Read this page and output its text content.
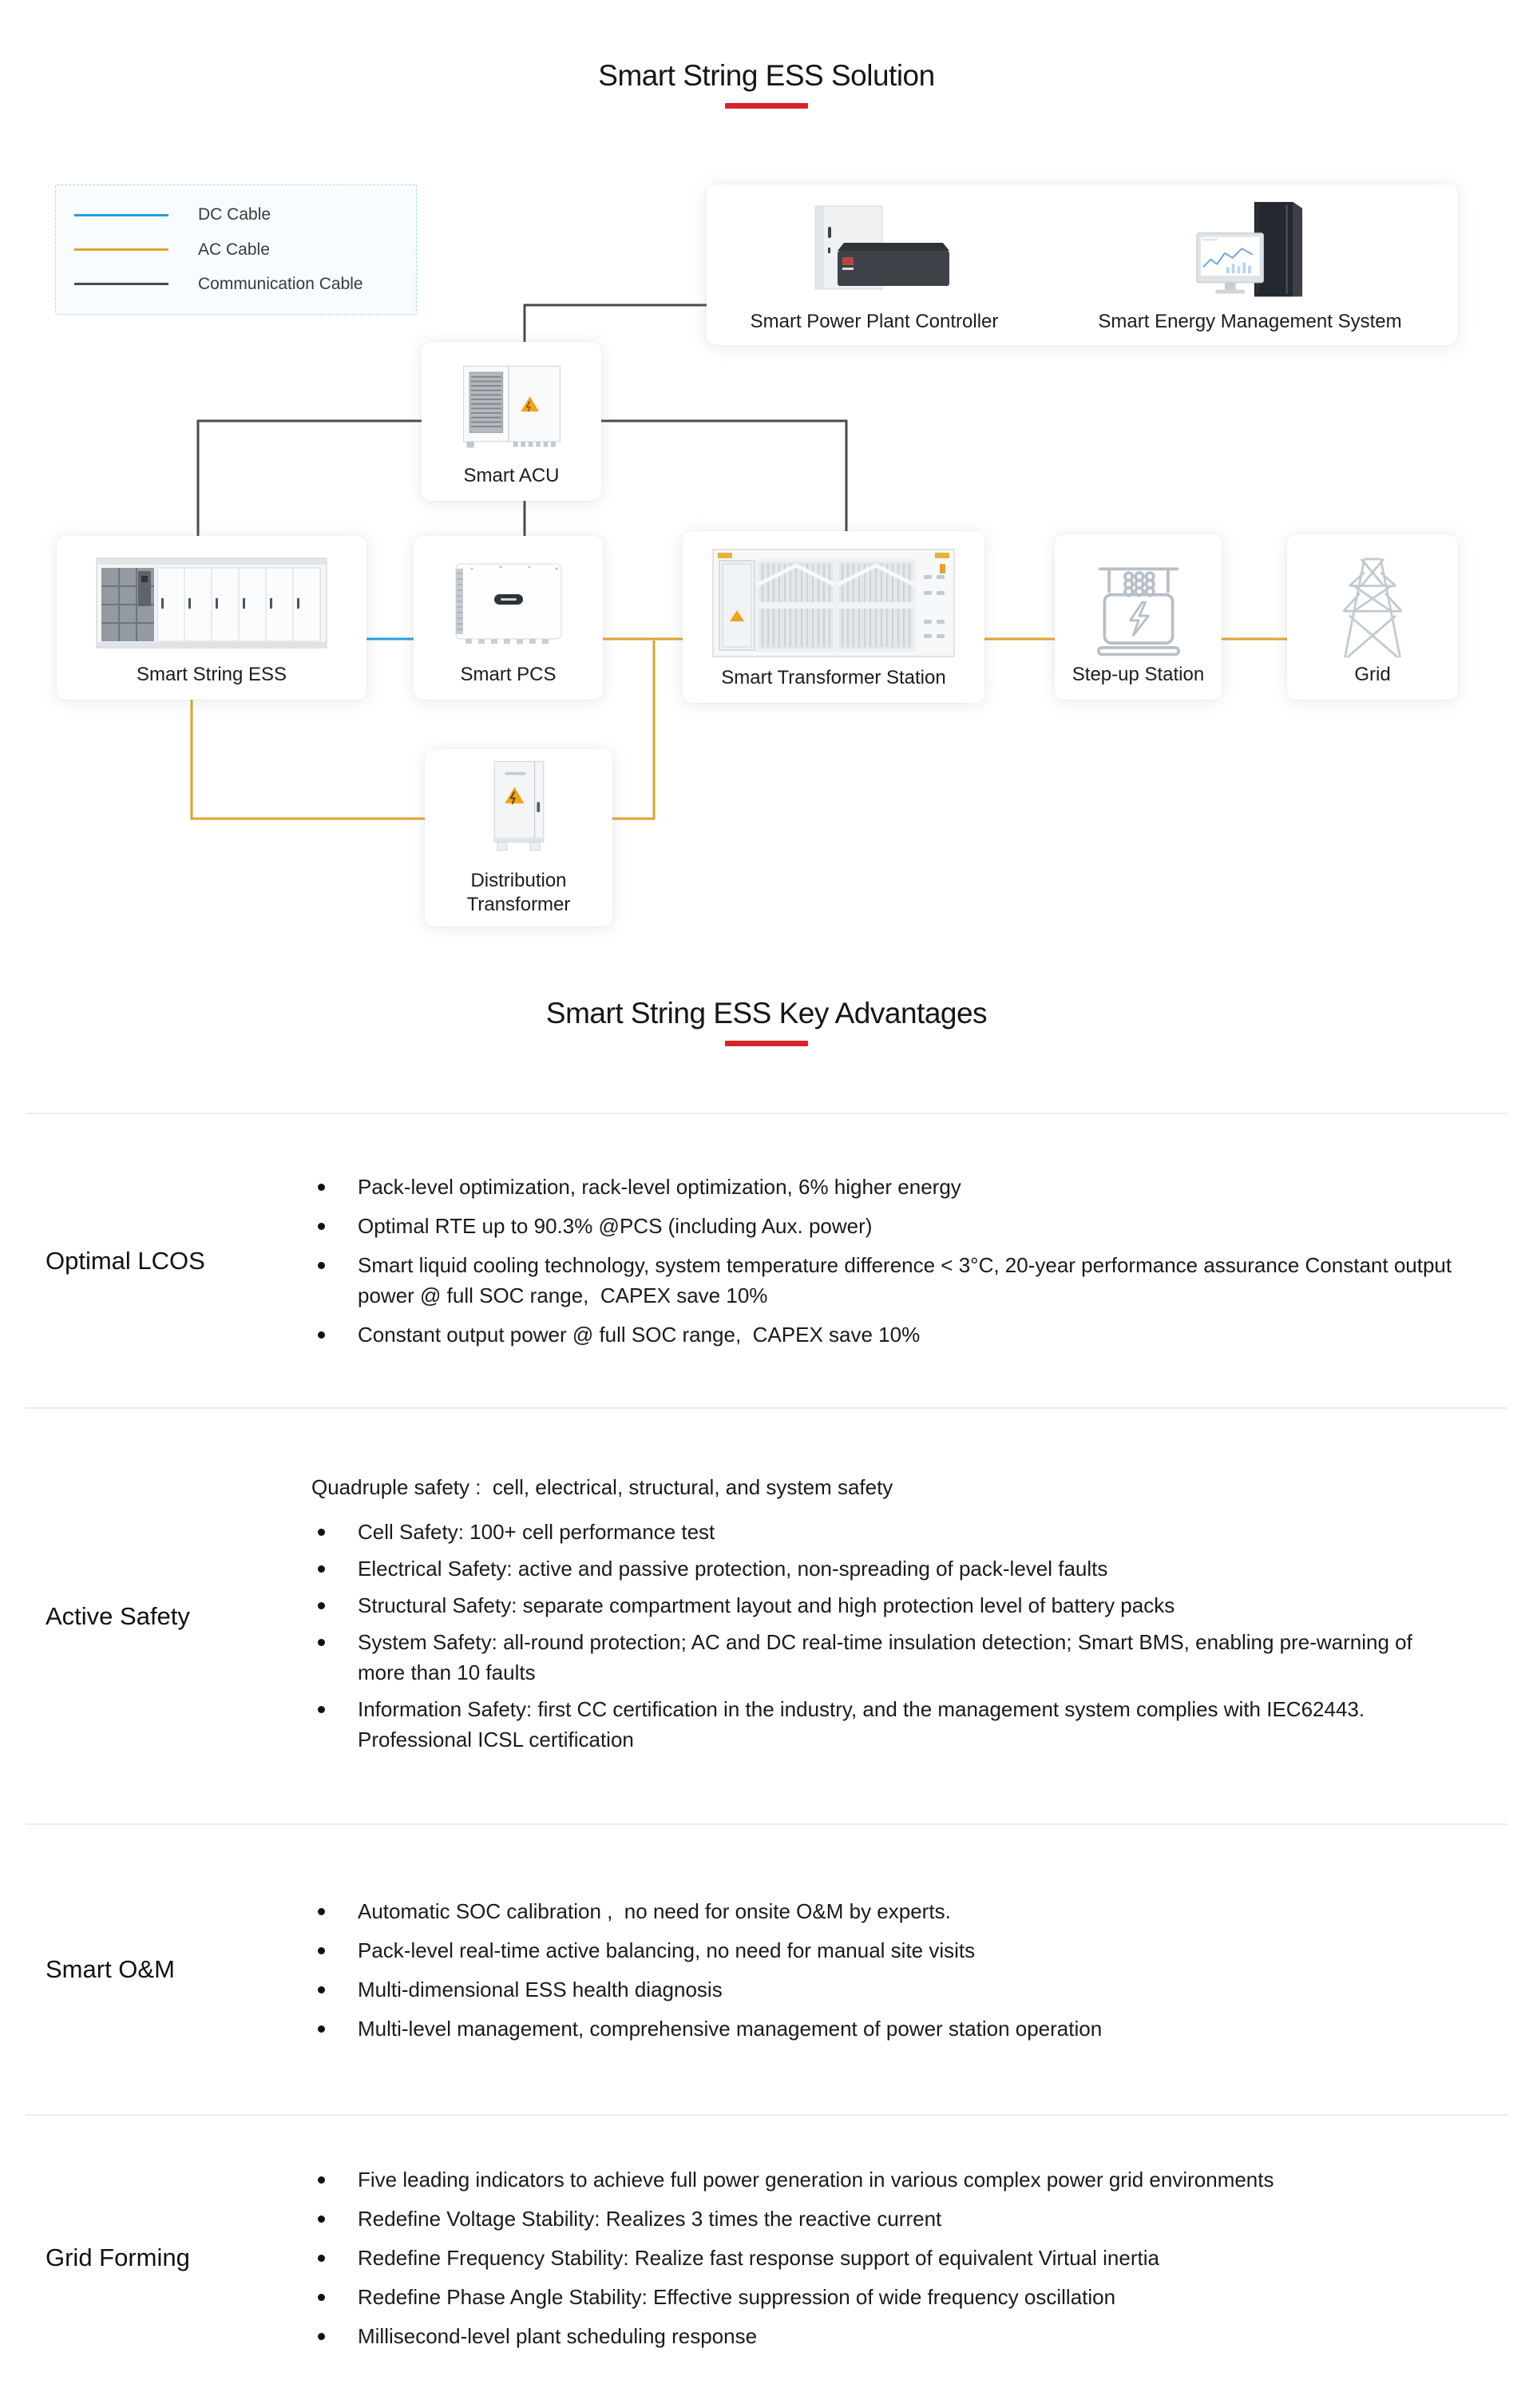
Smart String ESS Solution
DC Cable
AC Cable
Communication Cable
Smart Power Plant Controller	Smart Energy Management System
Smart ACU
Smart String ESS	Smart PCS	Smart Transformer Station	Step-up Station	Grid
Distribution
Transformer
Smart String ESS Key Advantages
Optimal LCOS
Pack-level optimization, rack-level optimization, 6% higher energy
Optimal RTE up to 90.3% @PCS (including Aux. power)
Smart liquid cooling technology, system temperature difference < 3°C, 20-year performance assurance Constant output power @ full SOC range,  CAPEX save 10%
Constant output power @ full SOC range,  CAPEX save 10%
Active Safety
Quadruple safety :  cell, electrical, structural, and system safety
Cell Safety: 100+ cell performance test
Electrical Safety: active and passive protection, non-spreading of pack-level faults
Structural Safety: separate compartment layout and high protection level of battery packs
System Safety: all-round protection; AC and DC real-time insulation detection; Smart BMS, enabling pre-warning of more than 10 faults
Information Safety: first CC certification in the industry, and the management system complies with IEC62443. Professional ICSL certification
Smart O&M
Automatic SOC calibration ,  no need for onsite O&M by experts.
Pack-level real-time active balancing, no need for manual site visits
Multi-dimensional ESS health diagnosis
Multi-level management, comprehensive management of power station operation
Grid Forming
Five leading indicators to achieve full power generation in various complex power grid environments
Redefine Voltage Stability: Realizes 3 times the reactive current
Redefine Frequency Stability: Realize fast response support of equivalent Virtual inertia
Redefine Phase Angle Stability: Effective suppression of wide frequency oscillation
Millisecond-level plant scheduling response
